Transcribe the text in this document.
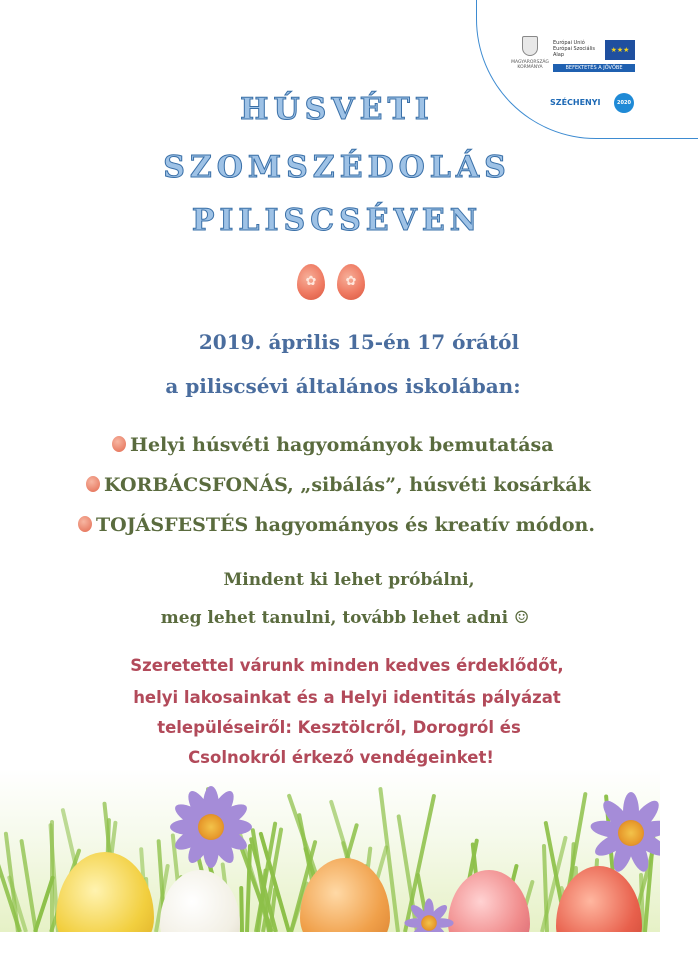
MAGYARORSZÁG KORMÁNYA
Európai Unió Európai Szociális Alap
★★★
BEFEKTETÉS A JÖVŐBE
SZÉCHENYI	2020
HÚSVÉTI
SZOMSZÉDOLÁS
PILISCSÉVEN
✿	✿
2019. április 15-én 17 órától
a piliscsévi általános iskolában:
Helyi húsvéti hagyományok bemutatása
KORBÁCSFONÁS, „sibálás”, húsvéti kosárkák
TOJÁSFESTÉS hagyományos és kreatív módon.
Mindent ki lehet próbálni,
meg lehet tanulni, tovább lehet adni ☺
Szeretettel várunk minden kedves érdeklődőt,
helyi lakosainkat és a Helyi identitás pályázat
településeiről: Kesztölcről, Dorogról és
Csolnokról érkező vendégeinket!
